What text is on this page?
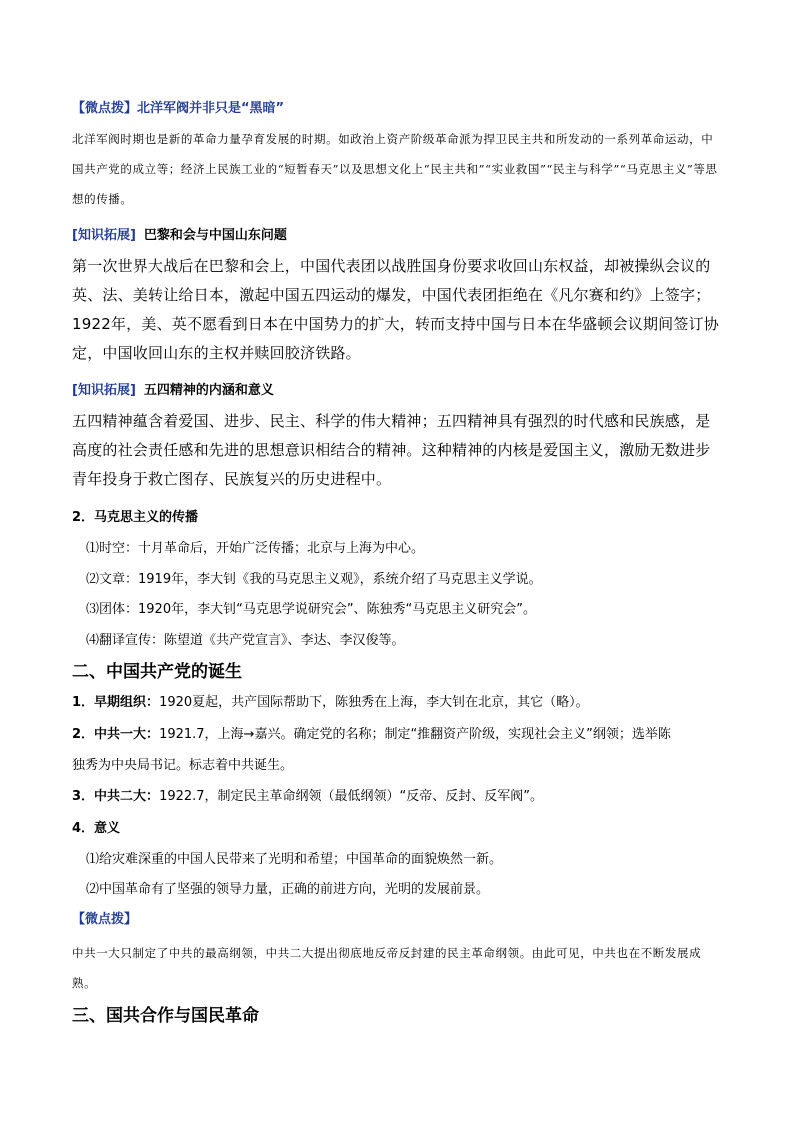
【微点拨】北洋军阀并非只是“黑暗”

北洋军阀时期也是新的革命力量孕育发展的时期。如政治上资产阶级革命派为捍卫民主共和所发动的一系列革命运动，中国共产党的成立等；经济上民族工业的“短暂春天”以及思想文化上“民主共和”“实业救国”“民主与科学”“马克思主义”等思想的传播。

[知识拓展] 巴黎和会与中国山东问题

第一次世界大战后在巴黎和会上，中国代表团以战胜国身份要求收回山东权益，却被操纵会议的英、法、美转让给日本，激起中国五四运动的爆发，中国代表团拒绝在《凡尔赛和约》上签字；1922年，美、英不愿看到日本在中国势力的扩大，转而支持中国与日本在华盛顿会议期间签订协定，中国收回山东的主权并赎回胶济铁路。

[知识拓展] 五四精神的内涵和意义

五四精神蕴含着爱国、进步、民主、科学的伟大精神；五四精神具有强烈的时代感和民族感，是高度的社会责任感和先进的思想意识相结合的精神。这种精神的内核是爱国主义，激励无数进步青年投身于救亡图存、民族复兴的历史进程中。

2．马克思主义的传播
⑴时空：十月革命后，开始广泛传播；北京与上海为中心。
⑵文章：1919年，李大钊《我的马克思主义观》，系统介绍了马克思主义学说。
⑶团体：1920年，李大钊“马克思学说研究会”、陈独秀“马克思主义研究会”。
⑷翻译宣传：陈望道《共产党宣言》、李达、李汉俊等。
二、中国共产党的诞生
1．早期组织：1920夏起，共产国际帮助下，陈独秀在上海，李大钊在北京，其它（略）。
2．中共一大：1921.7，上海→嘉兴。确定党的名称；制定“推翻资产阶级，实现社会主义”纲领；选举陈
独秀为中央局书记。标志着中共诞生。
3．中共二大：1922.7，制定民主革命纲领（最低纲领）“反帝、反封、反军阀”。
4．意义
⑴给灾难深重的中国人民带来了光明和希望；中国革命的面貌焕然一新。
⑵中国革命有了坚强的领导力量，正确的前进方向，光明的发展前景。
【微点拨】

中共一大只制定了中共的最高纲领，中共二大提出彻底地反帝反封建的民主革命纲领。由此可见，中共也在不断发展成熟。

三、国共合作与国民革命
